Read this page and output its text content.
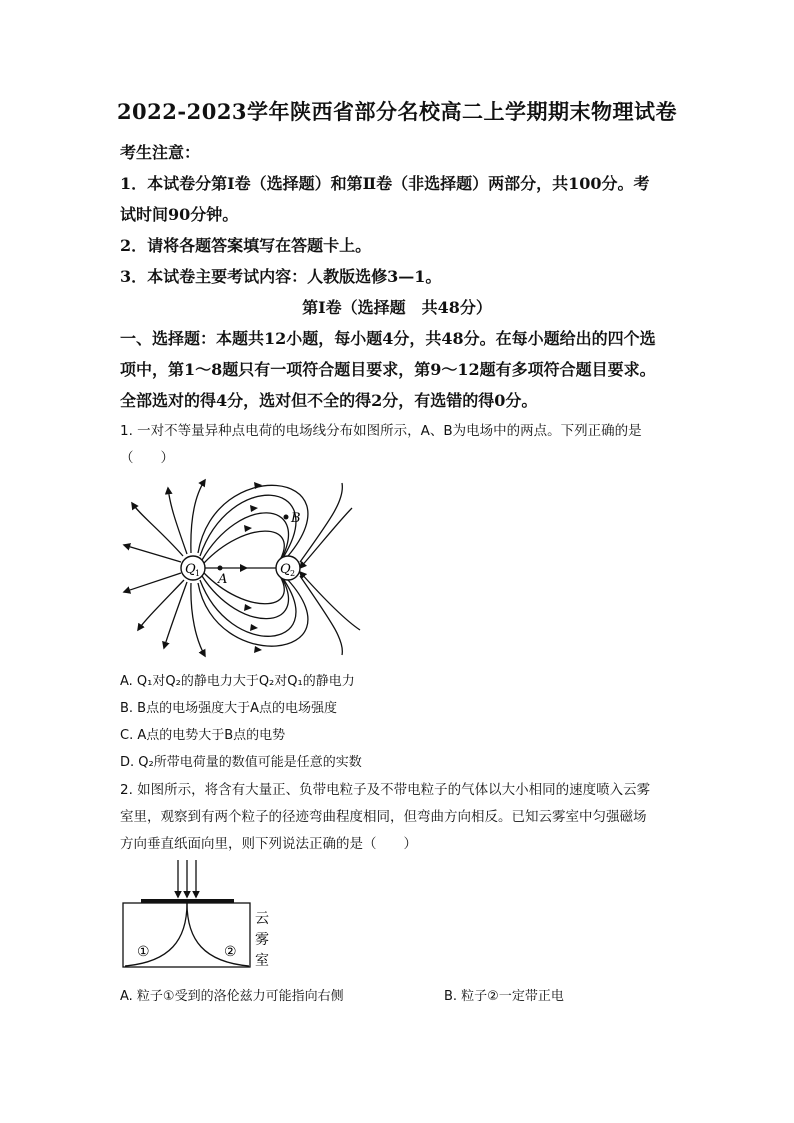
2022-2023学年陕西省部分名校高二上学期期末物理试卷
考生注意：
1．本试卷分第Ⅰ卷（选择题）和第Ⅱ卷（非选择题）两部分，共100分。考
试时间90分钟。
2．请将各题答案填写在答题卡上。
3．本试卷主要考试内容：人教版选修3—1。
第Ⅰ卷（选择题　共48分）
一、选择题：本题共12小题，每小题4分，共48分。在每小题给出的四个选
项中，第1～8题只有一项符合题目要求，第9～12题有多项符合题目要求。
全部选对的得4分，选对但不全的得2分，有选错的得0分。
1. 一对不等量异种点电荷的电场线分布如图所示，A、B为电场中的两点。下列正确的是
（　　）
Q 1	Q 2
A
B
A. Q₁对Q₂的静电力大于Q₂对Q₁的静电力
B. B点的电场强度大于A点的电场强度
C. A点的电势大于B点的电势
D. Q₂所带电荷量的数值可能是任意的实数
2. 如图所示，将含有大量正、负带电粒子及不带电粒子的气体以大小相同的速度喷入云雾
室里，观察到有两个粒子的径迹弯曲程度相同，但弯曲方向相反。已知云雾室中匀强磁场
方向垂直纸面向里，则下列说法正确的是（　　）
①	②
云
雾
室
A. 粒子①受到的洛伦兹力可能指向右侧	B. 粒子②一定带正电
